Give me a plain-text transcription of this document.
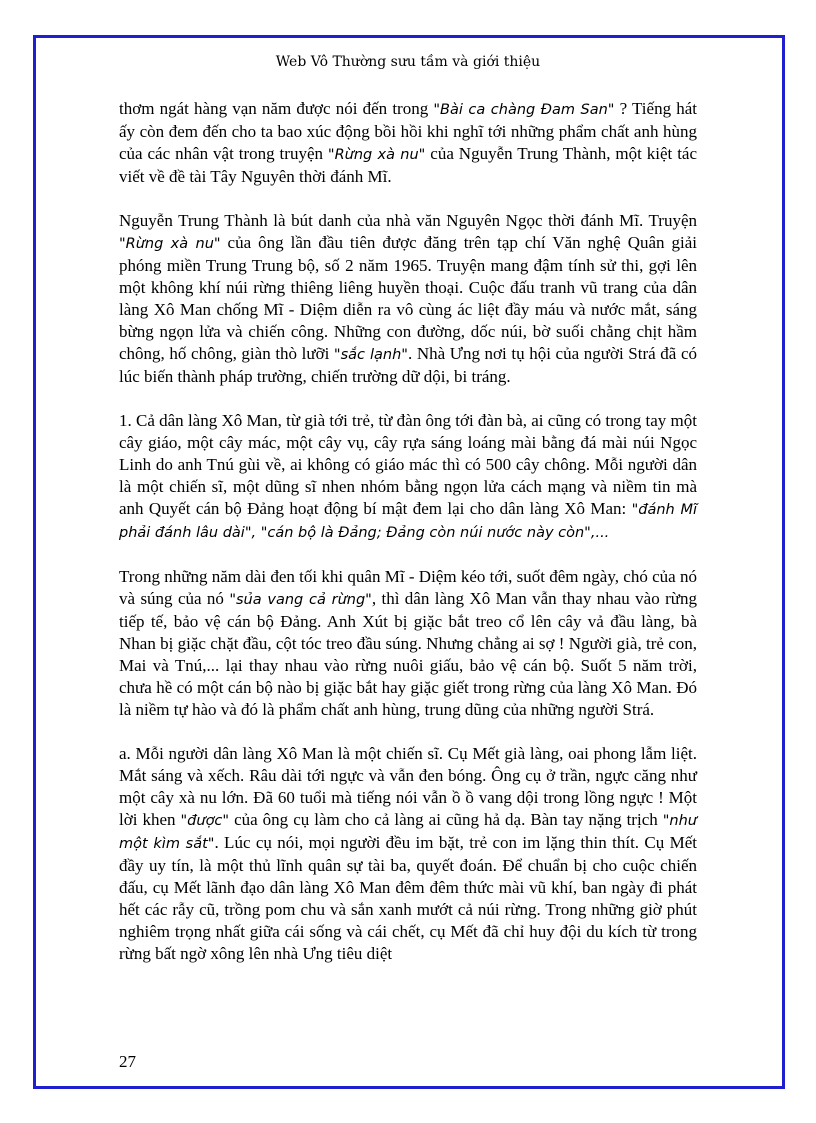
Web Vô Thường sưu tầm và giới thiệu

thơm ngát hàng vạn năm được nói đến trong "Bài ca chàng Đam San" ? Tiếng hát ấy còn đem đến cho ta bao xúc động bồi hồi khi nghĩ tới những phẩm chất anh hùng của các nhân vật trong truyện "Rừng xà nu" của Nguyễn Trung Thành, một kiệt tác viết về đề tài Tây Nguyên thời đánh Mĩ.

Nguyễn Trung Thành là bút danh của nhà văn Nguyên Ngọc thời đánh Mĩ. Truyện "Rừng xà nu" của ông lần đầu tiên được đăng trên tạp chí Văn nghệ Quân giải phóng miền Trung Trung bộ, số 2 năm 1965. Truyện mang đậm tính sử thi, gợi lên một không khí núi rừng thiêng liêng huyền thoại. Cuộc đấu tranh vũ trang của dân làng Xô Man chống Mĩ - Diệm diễn ra vô cùng ác liệt đầy máu và nước mắt, sáng bừng ngọn lửa và chiến công. Những con đường, dốc núi, bờ suối chằng chịt hầm chông, hố chông, giàn thò lưỡi "sắc lạnh". Nhà Ưng nơi tụ hội của người Strá đã có lúc biến thành pháp trường, chiến trường dữ dội, bi tráng.

1. Cả dân làng Xô Man, từ già tới trẻ, từ đàn ông tới đàn bà, ai cũng có trong tay một cây giáo, một cây mác, một cây vụ, cây rựa sáng loáng mài bằng đá mài núi Ngọc Linh do anh Tnú gùi về, ai không có giáo mác thì có 500 cây chông. Mỗi người dân là một chiến sĩ, một dũng sĩ nhen nhóm bằng ngọn lửa cách mạng và niềm tin mà anh Quyết cán bộ Đảng hoạt động bí mật đem lại cho dân làng Xô Man: "đánh Mĩ phải đánh lâu dài", "cán bộ là Đảng; Đảng còn núi nước này còn",...

Trong những năm dài đen tối khi quân Mĩ - Diệm kéo tới, suốt đêm ngày, chó của nó và súng của nó "sủa vang cả rừng", thì dân làng Xô Man vẫn thay nhau vào rừng tiếp tế, bảo vệ cán bộ Đảng. Anh Xút bị giặc bắt treo cổ lên cây vả đầu làng, bà Nhan bị giặc chặt đầu, cột tóc treo đầu súng. Nhưng chẳng ai sợ ! Người già, trẻ con, Mai và Tnú,... lại thay nhau vào rừng nuôi giấu, bảo vệ cán bộ. Suốt 5 năm trời, chưa hề có một cán bộ nào bị giặc bắt hay giặc giết trong rừng của làng Xô Man. Đó là niềm tự hào và đó là phẩm chất anh hùng, trung dũng của những người Strá.

a. Mỗi người dân làng Xô Man là một chiến sĩ. Cụ Mết già làng, oai phong lẫm liệt. Mắt sáng và xếch. Râu dài tới ngực và vẫn đen bóng. Ông cụ ở trần, ngực căng như một cây xà nu lớn. Đã 60 tuổi mà tiếng nói vẫn ồ ồ vang dội trong lồng ngực ! Một lời khen "được" của ông cụ làm cho cả làng ai cũng hả dạ. Bàn tay nặng trịch "như một kìm sắt". Lúc cụ nói, mọi người đều im bặt, trẻ con im lặng thin thít. Cụ Mết đầy uy tín, là một thủ lĩnh quân sự tài ba, quyết đoán. Để chuẩn bị cho cuộc chiến đấu, cụ Mết lãnh đạo dân làng Xô Man đêm đêm thức mài vũ khí, ban ngày đi phát hết các rẫy cũ, trồng pom chu và sắn xanh mướt cả núi rừng. Trong những giờ phút nghiêm trọng nhất giữa cái sống và cái chết, cụ Mết đã chỉ huy đội du kích từ trong rừng bất ngờ xông lên nhà Ưng tiêu diệt

27
